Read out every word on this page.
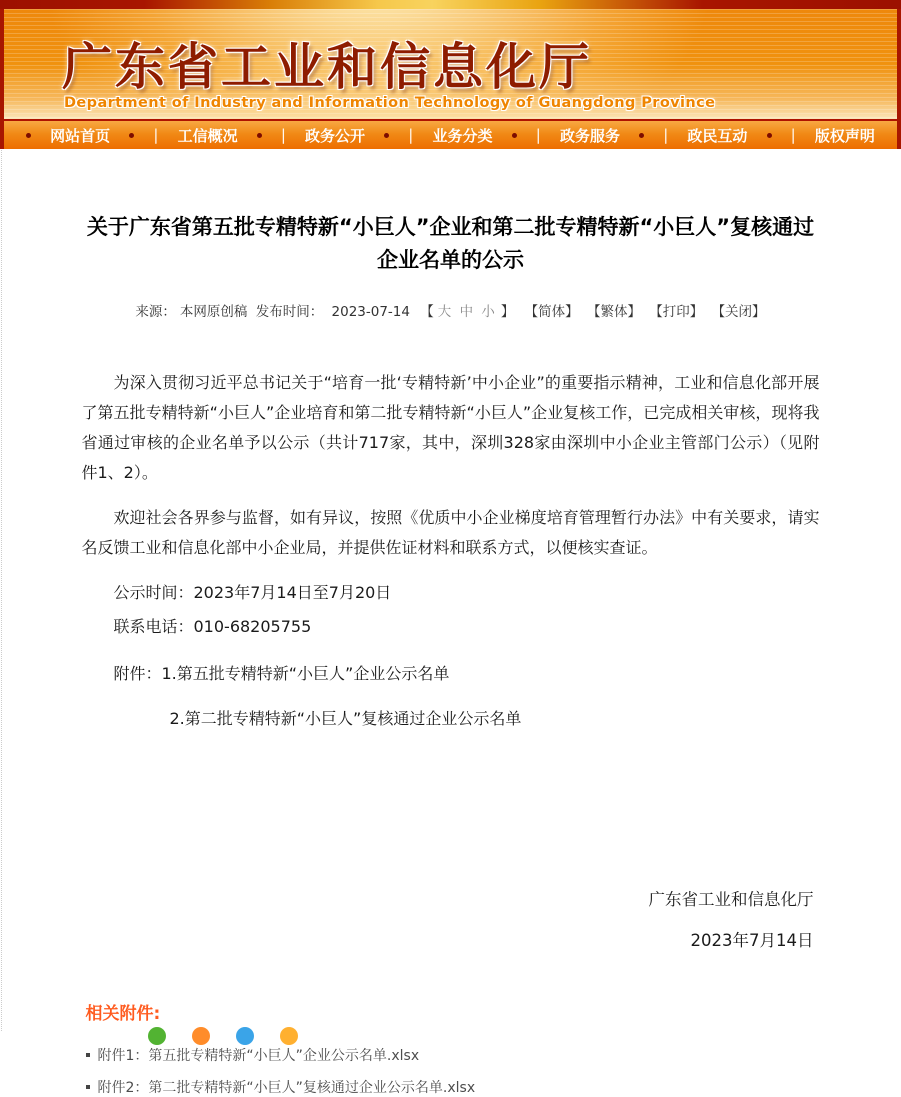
广东省工业和信息化厅
Department of Industry and Information Technology of Guangdong Province
网站首页	| 工信概况	| 政务公开	| 业务分类	| 政务服务	| 政民互动	| 版权声明
关于广东省第五批专精特新“小巨人”企业和第二批专精特新“小巨人”复核通过企业名单的公示
来源： 本网原创稿 发布时间： 2023-07-14 【 大 中 小 】 【简体】 【繁体】 【打印】 【关闭】

为深入贯彻习近平总书记关于“培育一批‘专精特新’中小企业”的重要指示精神，工业和信息化部开展了第五批专精特新“小巨人”企业培育和第二批专精特新“小巨人”企业复核工作，已完成相关审核，现将我省通过审核的企业名单予以公示（共计717家，其中，深圳328家由深圳中小企业主管部门公示）（见附件1、2）。

欢迎社会各界参与监督，如有异议，按照《优质中小企业梯度培育管理暂行办法》中有关要求，请实名反馈工业和信息化部中小企业局，并提供佐证材料和联系方式，以便核实查证。

公示时间：2023年7月14日至7月20日

联系电话：010-68205755

附件：1.第五批专精特新“小巨人”企业公示名单

2.第二批专精特新“小巨人”复核通过企业公示名单

广东省工业和信息化厅

2023年7月14日

相关附件:
附件1：第五批专精特新“小巨人”企业公示名单.xlsx
附件2：第二批专精特新“小巨人”复核通过企业公示名单.xlsx
